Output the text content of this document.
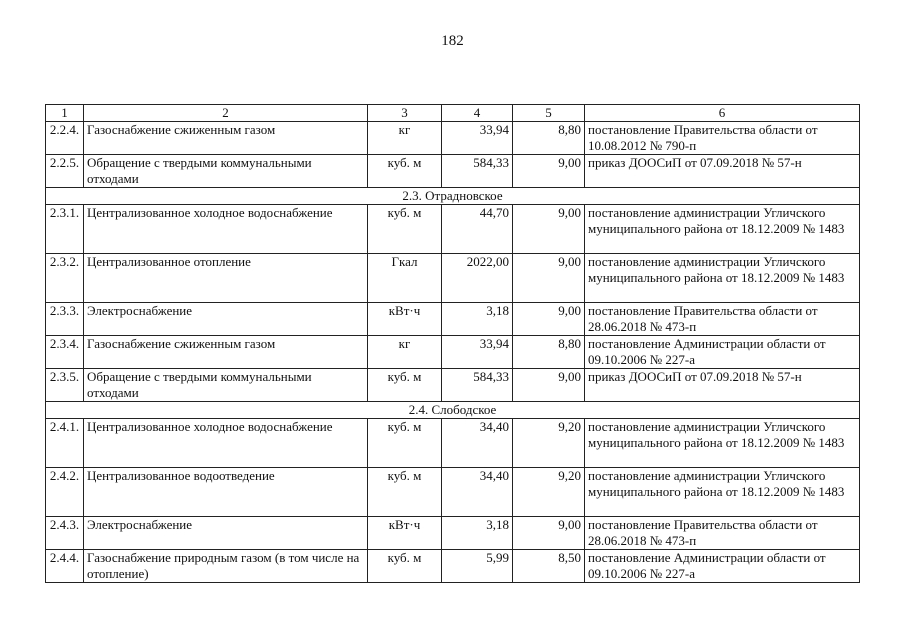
182
1	2	3	4	5	6
2.2.4.	Газоснабжение сжиженным газом	кг	33,94	8,80	постановление Правительства области от 10.08.2012 № 790-п
2.2.5.	Обращение с твердыми коммунальными отходами	куб. м	584,33	9,00	приказ ДООСиП от 07.09.2018 № 57-н
2.3. Отрадновское					
2.3.1.	Централизованное холодное водоснабжение	куб. м	44,70	9,00	постановление администрации Угличского муниципального района от 18.12.2009 № 1483
2.3.2.	Централизованное отопление	Гкал	2022,00	9,00	постановление администрации Угличского муниципального района от 18.12.2009 № 1483
2.3.3.	Электроснабжение	кВт·ч	3,18	9,00	постановление Правительства области от 28.06.2018 № 473-п
2.3.4.	Газоснабжение сжиженным газом	кг	33,94	8,80	постановление Администрации области от 09.10.2006 № 227-а
2.3.5.	Обращение с твердыми коммунальными отходами	куб. м	584,33	9,00	приказ ДООСиП от 07.09.2018 № 57-н
2.4. Слободское					
2.4.1.	Централизованное холодное водоснабжение	куб. м	34,40	9,20	постановление администрации Угличского муниципального района от 18.12.2009 № 1483
2.4.2.	Централизованное водоотведение	куб. м	34,40	9,20	постановление администрации Угличского муниципального района от 18.12.2009 № 1483
2.4.3.	Электроснабжение	кВт·ч	3,18	9,00	постановление Правительства области от 28.06.2018 № 473-п
2.4.4.	Газоснабжение природным газом (в том числе на отопление)	куб. м	5,99	8,50	постановление Администрации области от 09.10.2006 № 227-а
